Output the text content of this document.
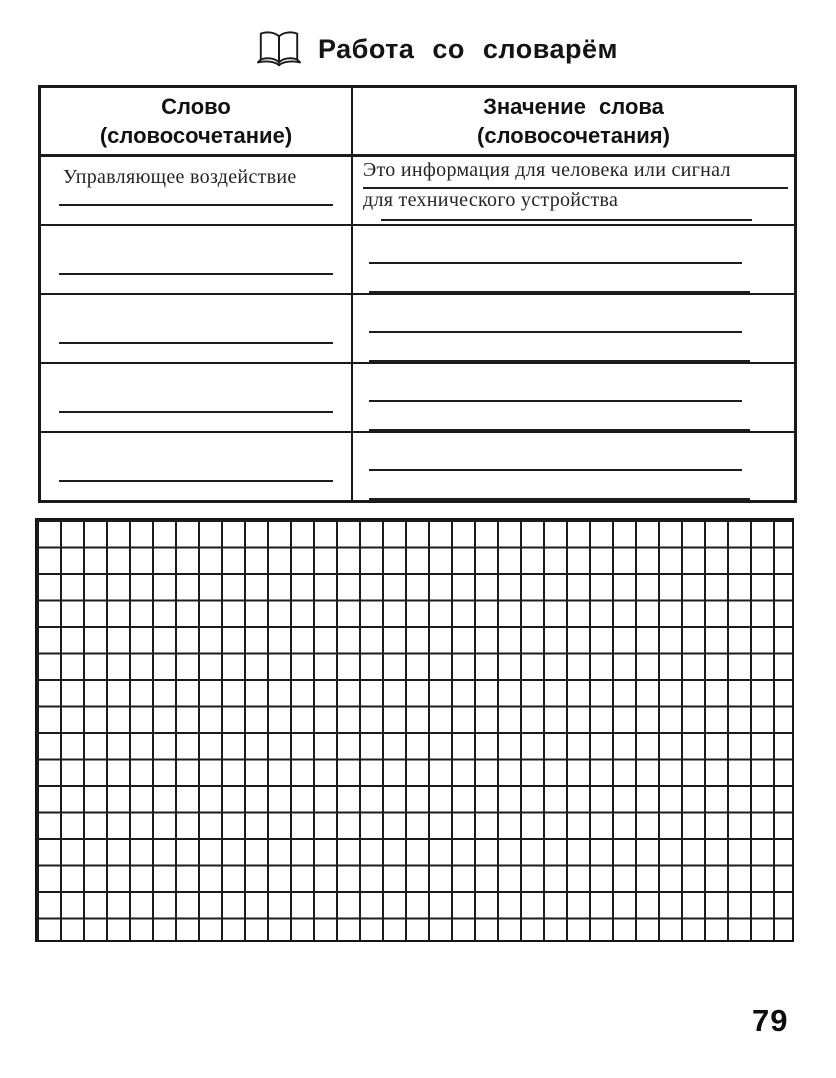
Работа со словарём
Слово
(словосочетание)
Значение слова
(словосочетания)
Управляющее воздействие	Это информация для человека или сигнал
для технического устройства
79
